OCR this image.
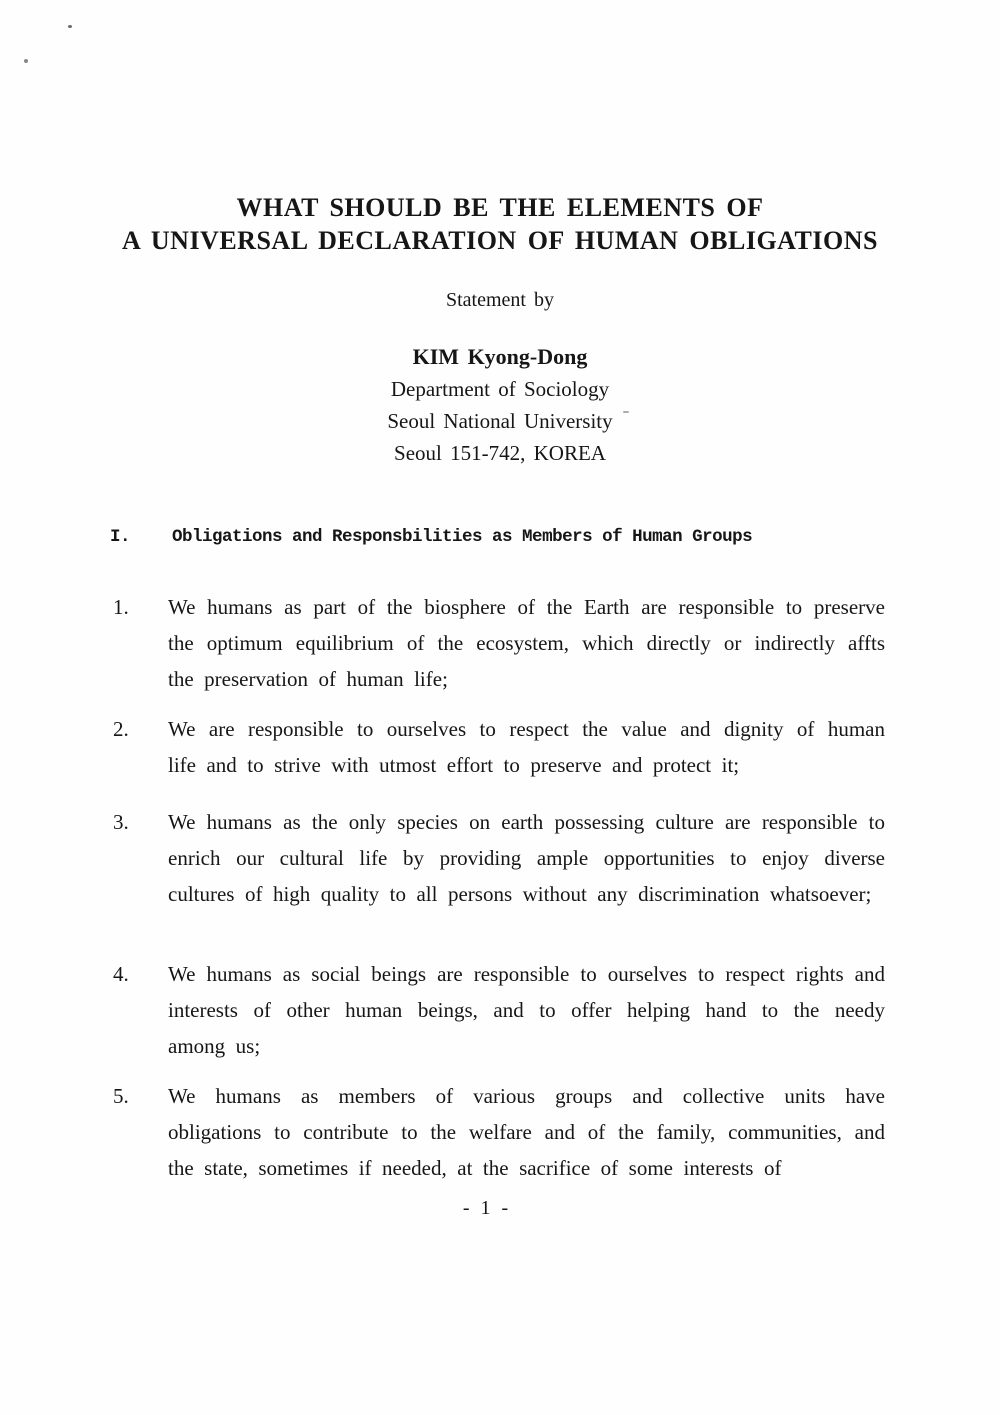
WHAT SHOULD BE THE ELEMENTS OF
A UNIVERSAL DECLARATION OF HUMAN OBLIGATIONS
Statement by
KIM Kyong-Dong
Department of Sociology
Seoul National University
Seoul 151-742, KOREA
I.	Obligations and Responsbilities as Members of Human Groups
1.	We humans as part of the biosphere of the Earth are responsible to preserve the optimum equilibrium of the ecosystem, which directly or indirectly affts the preservation of human life;
2.	We are responsible to ourselves to respect the value and dignity of human life and to strive with utmost effort to preserve and protect it;
3.	We humans as the only species on earth possessing culture are responsible to enrich our cultural life by providing ample opportunities to enjoy diverse cultures of high quality to all persons without any discrimination whatsoever;
4.	We humans as social beings are responsible to ourselves to respect rights and interests of other human beings, and to offer helping hand to the needy among us;
5.	We humans as members of various groups and collective units have obligations to contribute to the welfare and of the family, communities, and the state, sometimes if needed, at the sacrifice of some interests of
- 1 -
